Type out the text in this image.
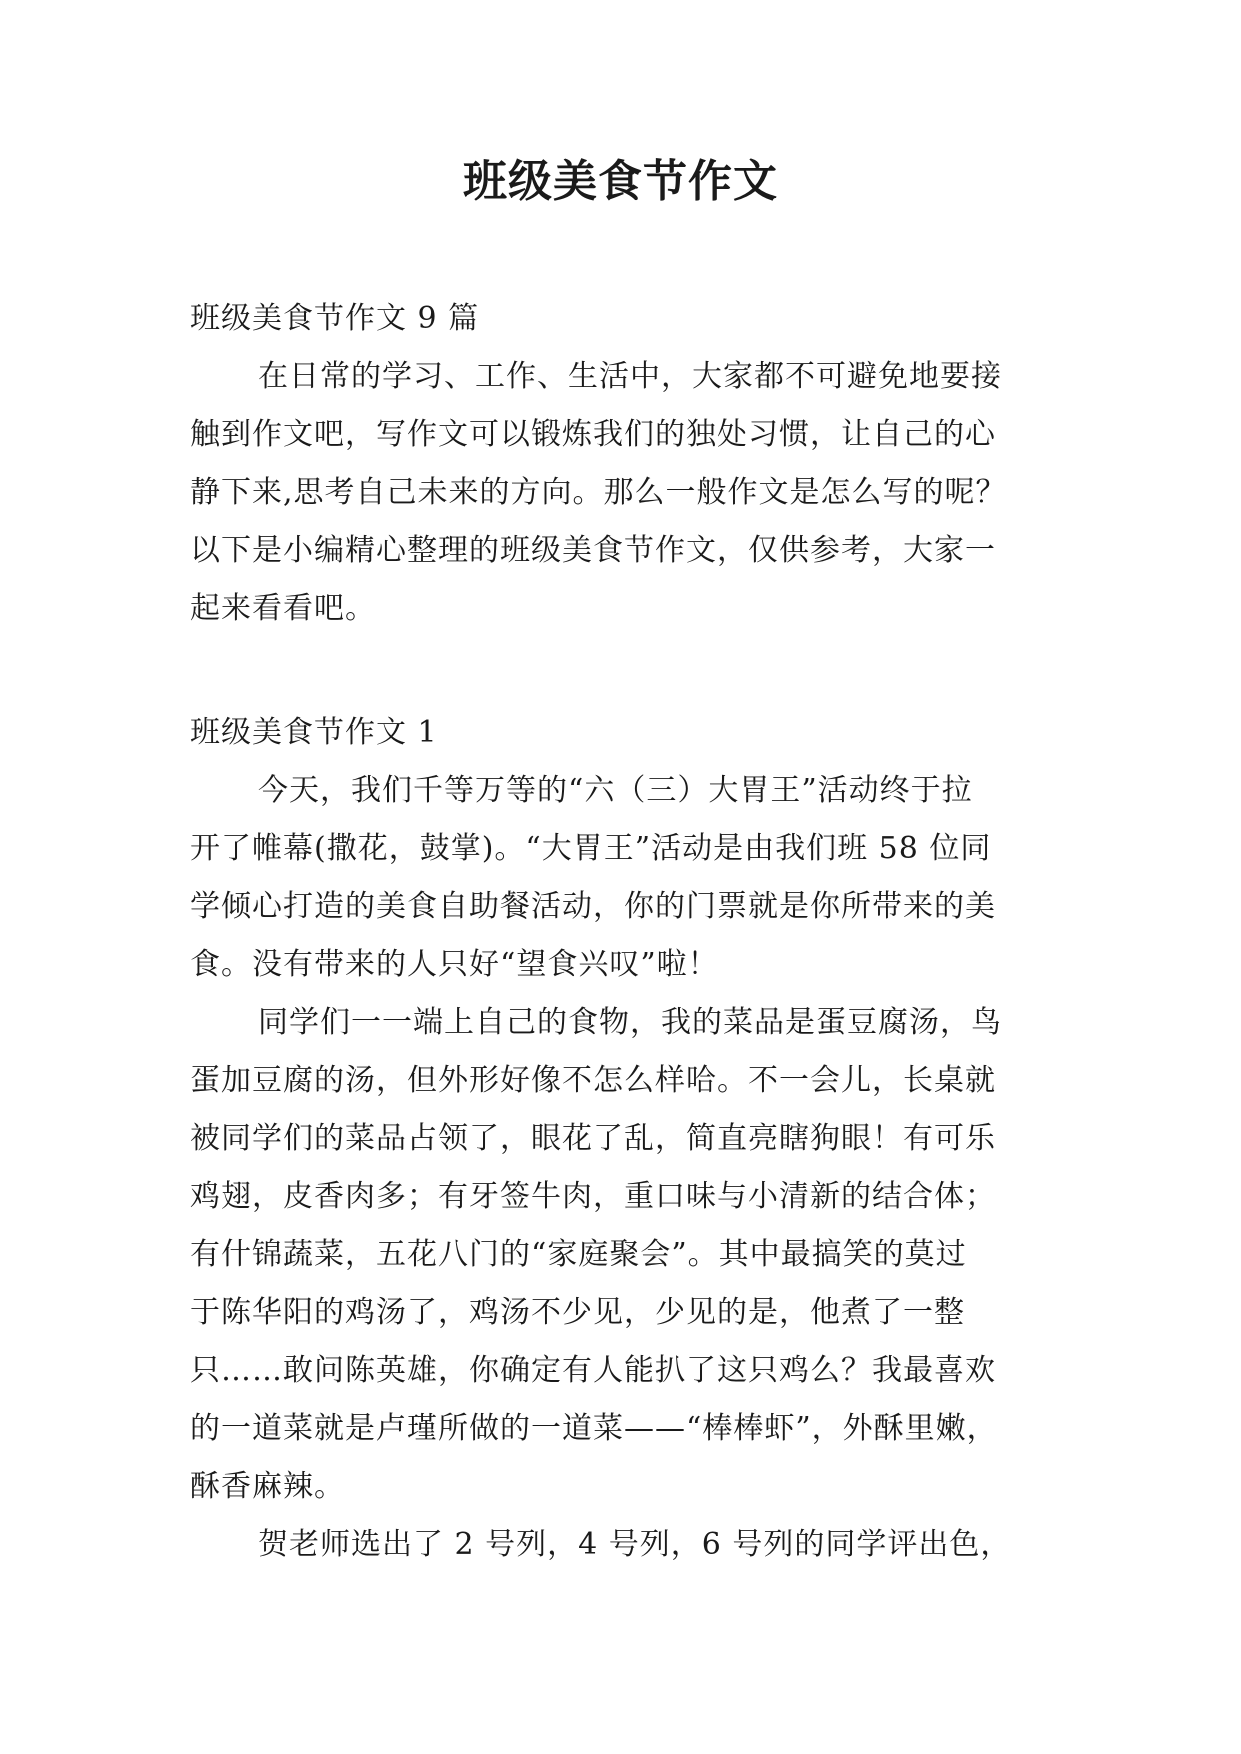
班级美食节作文
班级美食节作文 9 篇
在日常的学习、工作、生活中，大家都不可避免地要接
触到作文吧，写作文可以锻炼我们的独处习惯，让自己的心
静下来,思考自己未来的方向。那么一般作文是怎么写的呢？
以下是小编精心整理的班级美食节作文，仅供参考，大家一
起来看看吧。
班级美食节作文 1
今天，我们千等万等的“六（三）大胃王”活动终于拉
开了帷幕(撒花，鼓掌)。“大胃王”活动是由我们班 58 位同
学倾心打造的美食自助餐活动，你的门票就是你所带来的美
食。没有带来的人只好“望食兴叹”啦！
同学们一一端上自己的食物，我的菜品是蛋豆腐汤，鸟
蛋加豆腐的汤，但外形好像不怎么样哈。不一会儿，长桌就
被同学们的菜品占领了，眼花了乱，简直亮瞎狗眼！有可乐
鸡翅，皮香肉多；有牙签牛肉，重口味与小清新的结合体；
有什锦蔬菜，五花八门的“家庭聚会”。其中最搞笑的莫过
于陈华阳的鸡汤了，鸡汤不少见，少见的是，他煮了一整
只……敢问陈英雄，你确定有人能扒了这只鸡么？我最喜欢
的一道菜就是卢瑾所做的一道菜——“棒棒虾”，外酥里嫩，
酥香麻辣。
贺老师选出了 2 号列，4 号列，6 号列的同学评出色，
